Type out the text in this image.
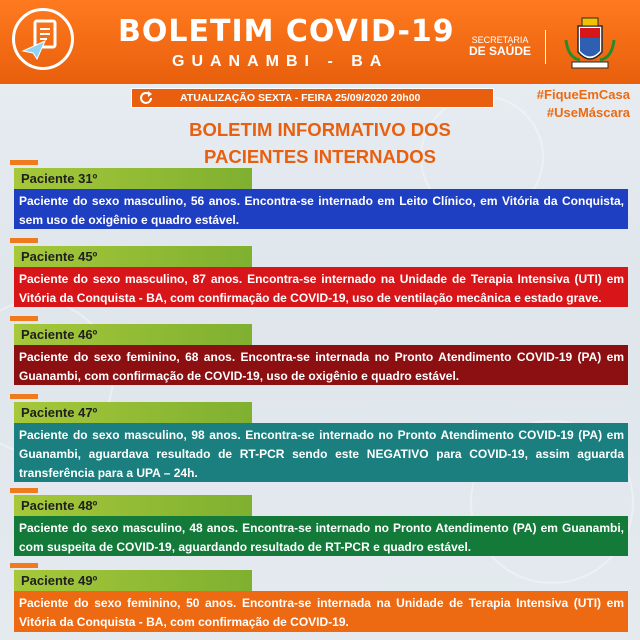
BOLETIM COVID-19
GUANAMBI - BA
SECRETARIA
DE SAÚDE
ATUALIZAÇÃO SEXTA - FEIRA 25/09/2020 20h00	#FiqueEmCasa
#UseMáscara
BOLETIM INFORMATIVO DOS
PACIENTES INTERNADOS
Paciente 31º
Paciente do sexo masculino, 56 anos. Encontra-se internado em Leito Clínico, em Vitória da Conquista, sem uso de oxigênio e quadro estável.
Paciente 45º
Paciente do sexo masculino, 87 anos. Encontra-se internado na Unidade de Terapia Intensiva (UTI) em Vitória da Conquista - BA, com confirmação de COVID-19, uso de ventilação mecânica e estado grave.
Paciente 46º
Paciente do sexo feminino, 68 anos. Encontra-se internada no Pronto Atendimento COVID-19 (PA) em Guanambi, com confirmação de COVID-19, uso de oxigênio e quadro estável.
Paciente 47º
Paciente do sexo masculino, 98 anos. Encontra-se internado no Pronto Atendimento COVID-19 (PA) em Guanambi, aguardava resultado de RT-PCR sendo este NEGATIVO para COVID-19, assim aguarda transferência para a UPA – 24h.
Paciente 48º
Paciente do sexo masculino, 48 anos. Encontra-se internado no Pronto Atendimento (PA) em Guanambi, com suspeita de COVID-19, aguardando resultado de RT-PCR e quadro estável.
Paciente 49º
Paciente do sexo feminino, 50 anos. Encontra-se internada na Unidade de Terapia Intensiva (UTI) em Vitória da Conquista - BA, com confirmação de COVID-19.
